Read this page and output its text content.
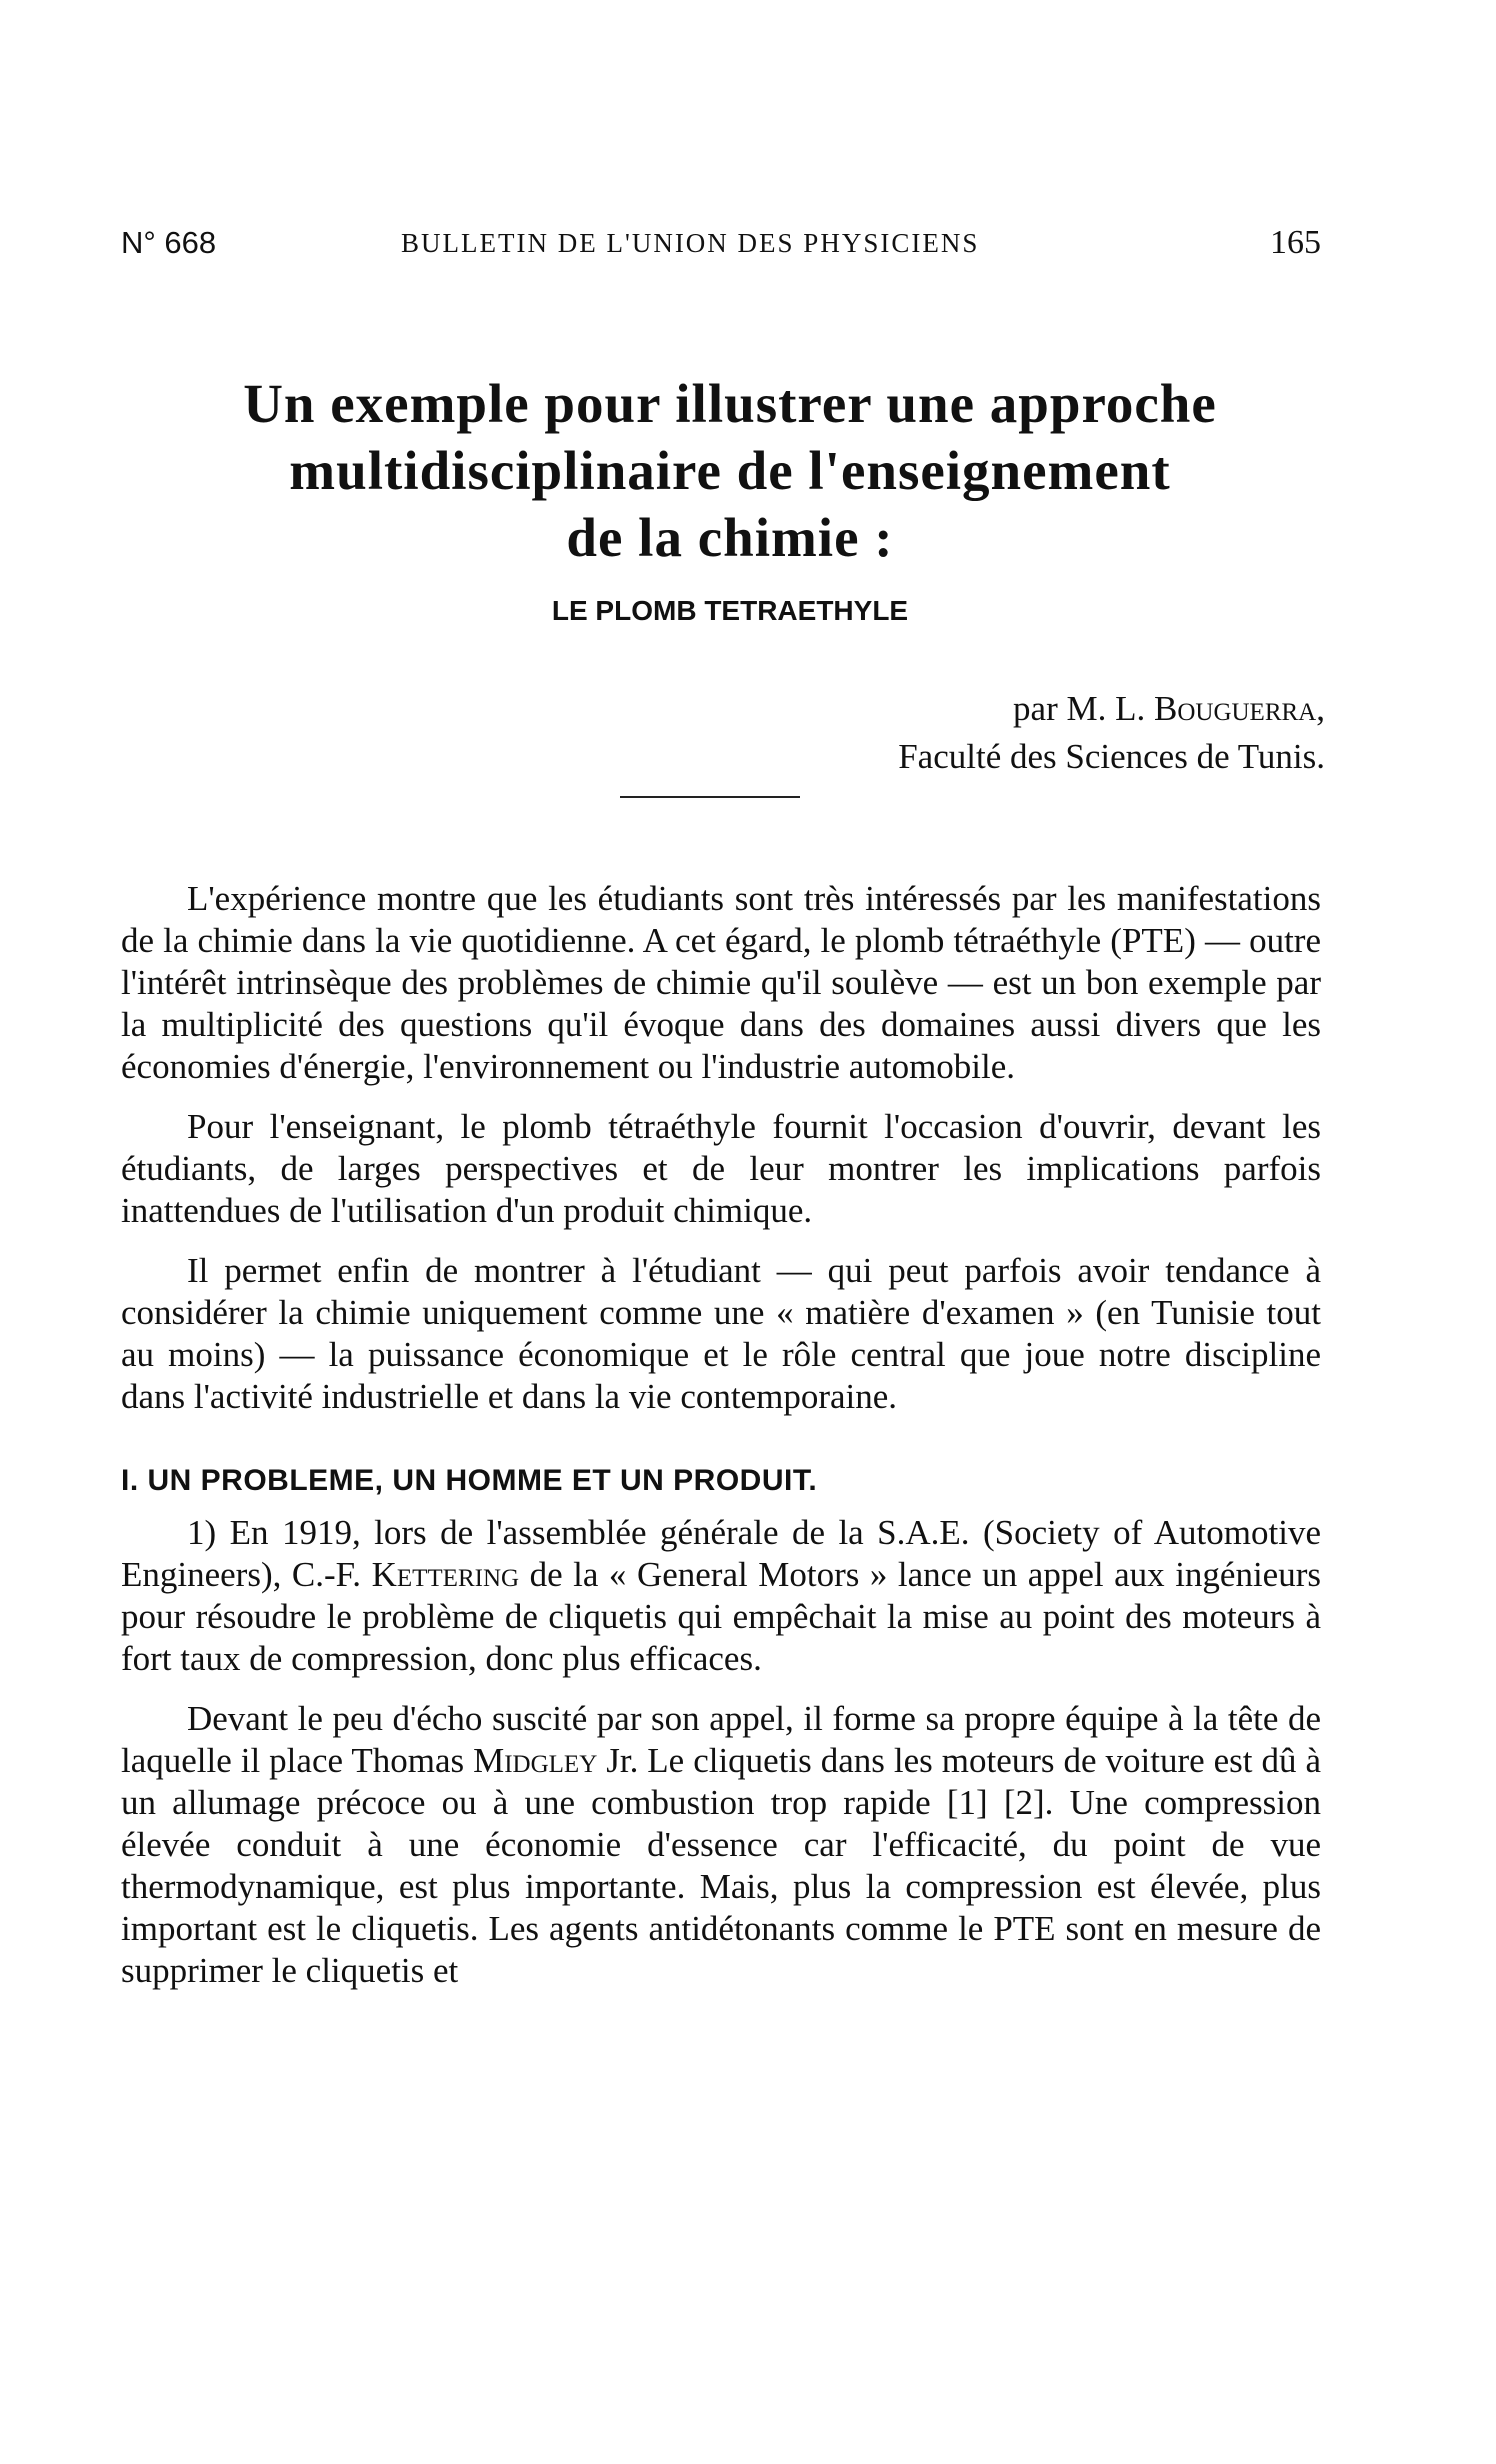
N° 668	BULLETIN DE L'UNION DES PHYSICIENS	165
Un exemple pour illustrer une approche
multidisciplinaire de l'enseignement
de la chimie :
LE PLOMB TETRAETHYLE
par M. L. Bouguerra,
Faculté des Sciences de Tunis.

L'expérience montre que les étudiants sont très intéressés par les manifestations de la chimie dans la vie quotidienne. A cet égard, le plomb tétraéthyle (PTE) — outre l'intérêt intrinsèque des problèmes de chimie qu'il soulève — est un bon exemple par la multiplicité des questions qu'il évoque dans des domaines aussi divers que les économies d'énergie, l'environnement ou l'industrie automobile.

Pour l'enseignant, le plomb tétraéthyle fournit l'occasion d'ouvrir, devant les étudiants, de larges perspectives et de leur montrer les implications parfois inattendues de l'utilisation d'un produit chimique.

Il permet enfin de montrer à l'étudiant — qui peut parfois avoir tendance à considérer la chimie uniquement comme une « matière d'examen » (en Tunisie tout au moins) — la puissance économique et le rôle central que joue notre discipline dans l'activité industrielle et dans la vie contemporaine.

I. UN PROBLEME, UN HOMME ET UN PRODUIT.

1) En 1919, lors de l'assemblée générale de la S.A.E. (Society of Automotive Engineers), C.-F. Kettering de la « General Motors » lance un appel aux ingénieurs pour résoudre le problème de cliquetis qui empêchait la mise au point des moteurs à fort taux de compression, donc plus efficaces.

Devant le peu d'écho suscité par son appel, il forme sa propre équipe à la tête de laquelle il place Thomas Midgley Jr. Le cliquetis dans les moteurs de voiture est dû à un allumage précoce ou à une combustion trop rapide [1] [2]. Une compression élevée conduit à une économie d'essence car l'efficacité, du point de vue thermodynamique, est plus importante. Mais, plus la compression est élevée, plus important est le cliquetis. Les agents antidétonants comme le PTE sont en mesure de supprimer le cliquetis et
